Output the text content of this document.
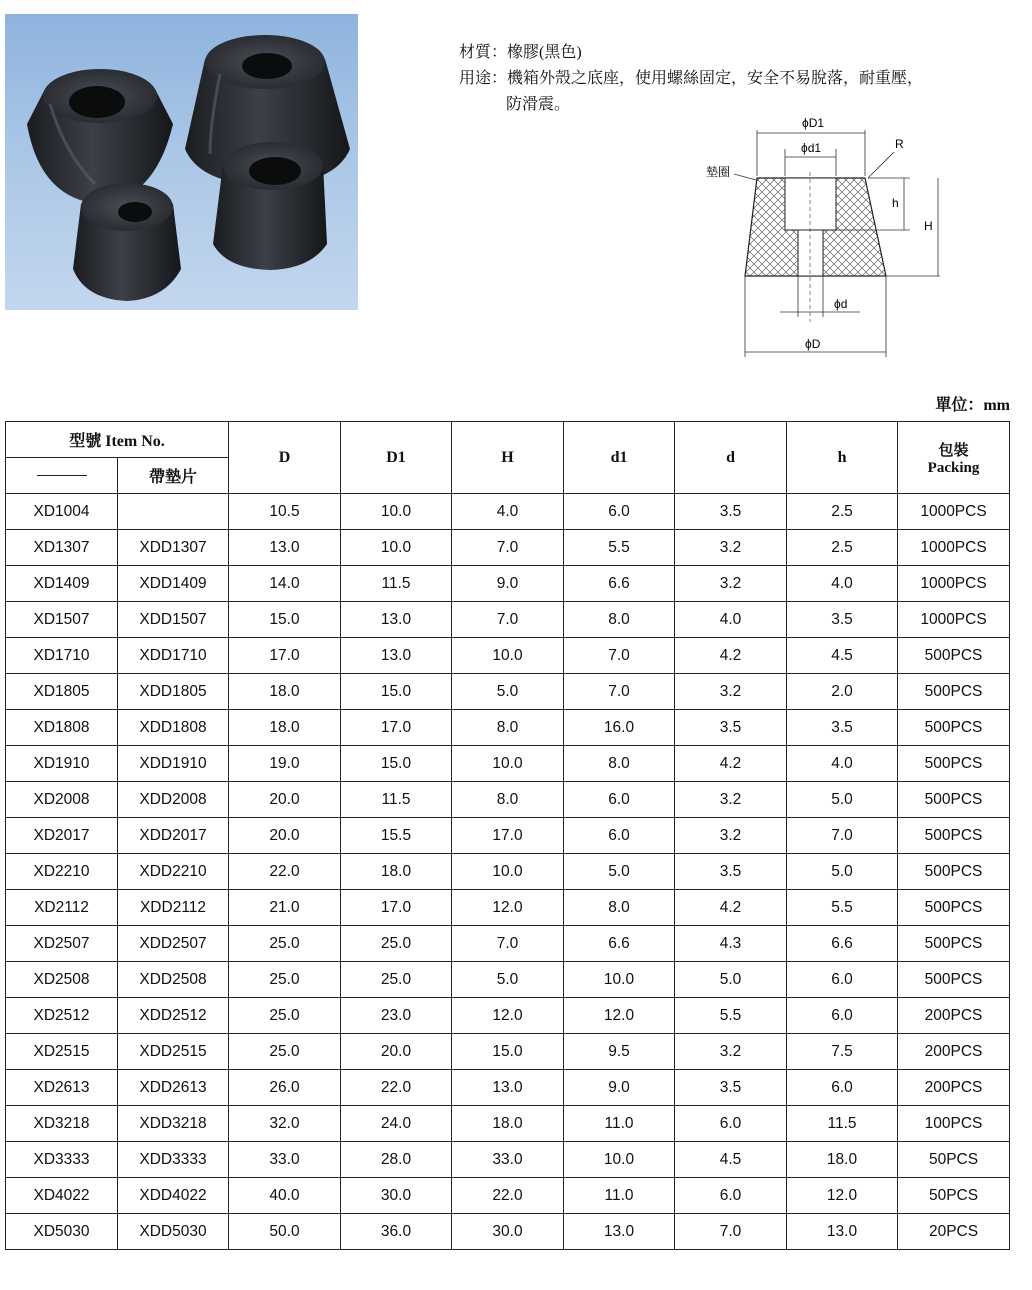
材質：橡膠(黑色)
用途：機箱外殼之底座，使用螺絲固定，安全不易脫落，耐重壓，
防滑震。
ϕD1
ϕd1	R
墊圈
h
H
ϕd
ϕD
單位：mm
型號 Item No.		D	D1	H	d1	d	h	包裝
Packing

	帶墊片							
XD1004		10.5	10.0	4.0	6.0	3.5	2.5	1000PCS
XD1307	XDD1307	13.0	10.0	7.0	5.5	3.2	2.5	1000PCS
XD1409	XDD1409	14.0	11.5	9.0	6.6	3.2	4.0	1000PCS
XD1507	XDD1507	15.0	13.0	7.0	8.0	4.0	3.5	1000PCS
XD1710	XDD1710	17.0	13.0	10.0	7.0	4.2	4.5	500PCS
XD1805	XDD1805	18.0	15.0	5.0	7.0	3.2	2.0	500PCS
XD1808	XDD1808	18.0	17.0	8.0	16.0	3.5	3.5	500PCS
XD1910	XDD1910	19.0	15.0	10.0	8.0	4.2	4.0	500PCS
XD2008	XDD2008	20.0	11.5	8.0	6.0	3.2	5.0	500PCS
XD2017	XDD2017	20.0	15.5	17.0	6.0	3.2	7.0	500PCS
XD2210	XDD2210	22.0	18.0	10.0	5.0	3.5	5.0	500PCS
XD2112	XDD2112	21.0	17.0	12.0	8.0	4.2	5.5	500PCS
XD2507	XDD2507	25.0	25.0	7.0	6.6	4.3	6.6	500PCS
XD2508	XDD2508	25.0	25.0	5.0	10.0	5.0	6.0	500PCS
XD2512	XDD2512	25.0	23.0	12.0	12.0	5.5	6.0	200PCS
XD2515	XDD2515	25.0	20.0	15.0	9.5	3.2	7.5	200PCS
XD2613	XDD2613	26.0	22.0	13.0	9.0	3.5	6.0	200PCS
XD3218	XDD3218	32.0	24.0	18.0	11.0	6.0	11.5	100PCS
XD3333	XDD3333	33.0	28.0	33.0	10.0	4.5	18.0	50PCS
XD4022	XDD4022	40.0	30.0	22.0	11.0	6.0	12.0	50PCS
XD5030	XDD5030	50.0	36.0	30.0	13.0	7.0	13.0	20PCS
